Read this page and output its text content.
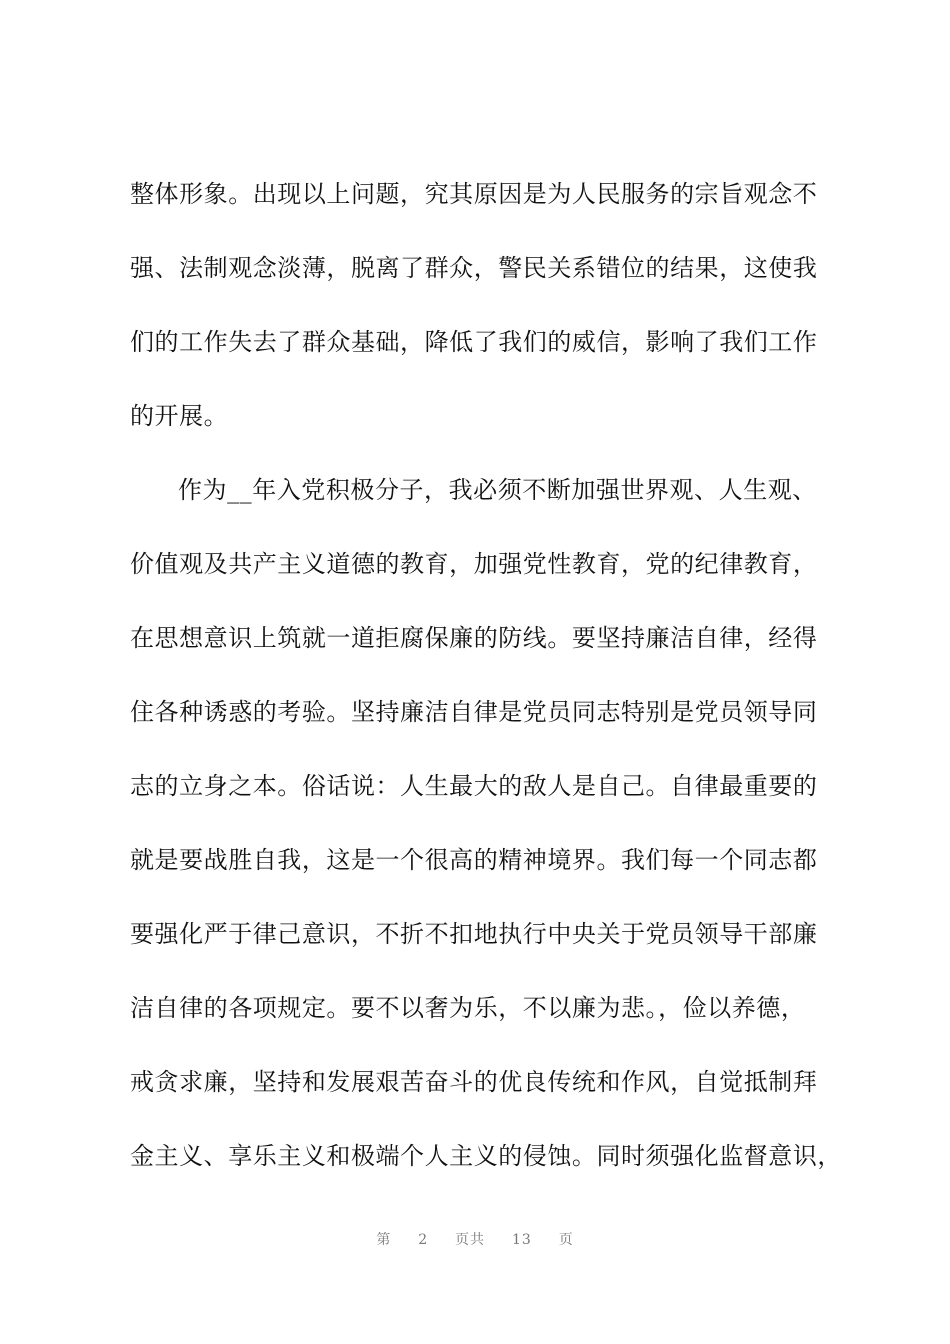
整体形象。出现以上问题，究其原因是为人民服务的宗旨观念不
强、法制观念淡薄，脱离了群众，警民关系错位的结果，这使我
们的工作失去了群众基础，降低了我们的威信，影响了我们工作
的开展。
作为__年入党积极分子，我必须不断加强世界观、人生观、
价值观及共产主义道德的教育，加强党性教育，党的纪律教育，
在思想意识上筑就一道拒腐保廉的防线。要坚持廉洁自律，经得
住各种诱惑的考验。坚持廉洁自律是党员同志特别是党员领导同
志的立身之本。俗话说：人生最大的敌人是自己。自律最重要的
就是要战胜自我，这是一个很高的精神境界。我们每一个同志都
要强化严于律己意识，不折不扣地执行中央关于党员领导干部廉
洁自律的各项规定。要不以奢为乐，不以廉为悲。，俭以养德，
戒贪求廉，坚持和发展艰苦奋斗的优良传统和作风，自觉抵制拜
金主义、享乐主义和极端个人主义的侵蚀。同时须强化监督意识，
第 2 页共 13 页
